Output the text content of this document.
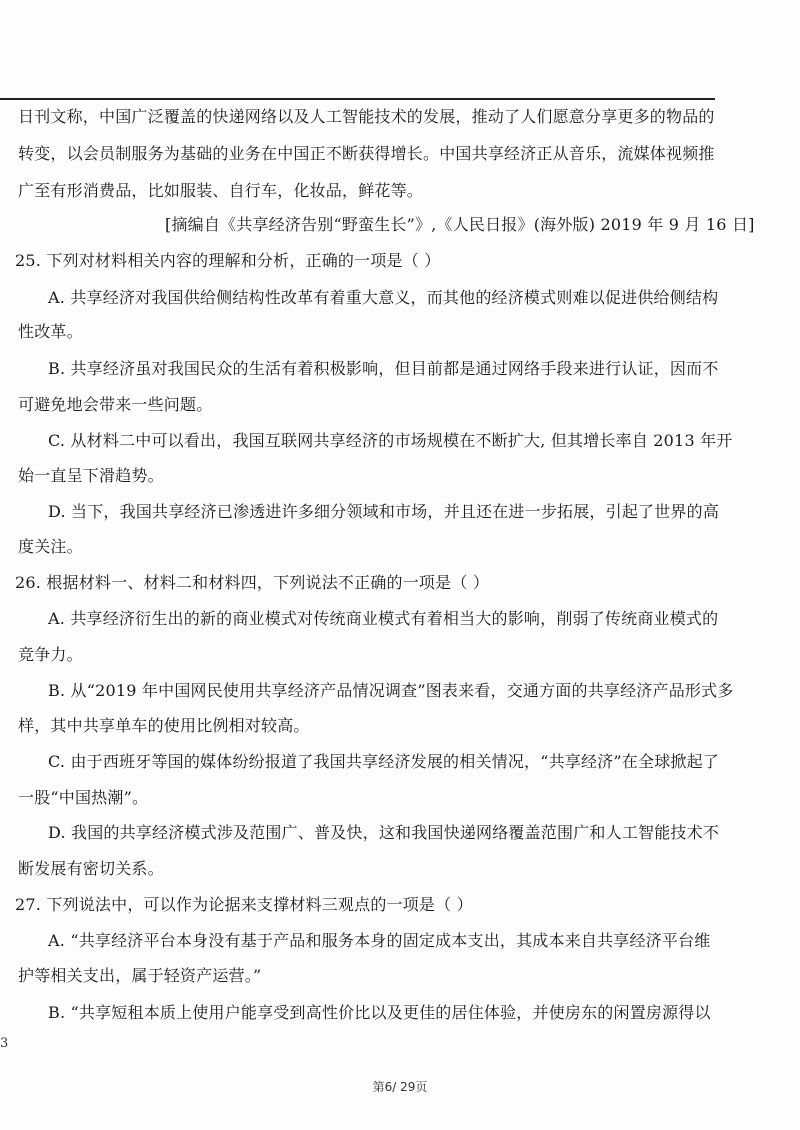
日刊文称，中国广泛覆盖的快递网络以及人工智能技术的发展，推动了人们愿意分享更多的物品的
转变，以会员制服务为基础的业务在中国正不断获得增长。中国共享经济正从音乐，流媒体视频推
广至有形消费品，比如服装、自行车，化妆品，鲜花等。
[摘编自《共享经济告别“野蛮生长”》,《人民日报》(海外版) 2019 年 9 月 16 日]
25. 下列对材料相关内容的理解和分析，正确的一项是（ ）
A. 共享经济对我国供给侧结构性改革有着重大意义，而其他的经济模式则难以促进供给侧结构
性改革。
B. 共享经济虽对我国民众的生活有着积极影响，但目前都是通过网络手段来进行认证，因而不
可避免地会带来一些问题。
C. 从材料二中可以看出，我国互联网共享经济的市场规模在不断扩大, 但其增长率自 2013 年开
始一直呈下滑趋势。
D. 当下，我国共享经济已渗透进许多细分领域和市场，并且还在进一步拓展，引起了世界的高
度关注。
26. 根据材料一、材料二和材料四，下列说法不正确的一项是（ ）
A. 共享经济衍生出的新的商业模式对传统商业模式有着相当大的影响，削弱了传统商业模式的
竞争力。
B. 从“2019 年中国网民使用共享经济产品情况调查”图表来看，交通方面的共享经济产品形式多
样，其中共享单车的使用比例相对较高。
C. 由于西班牙等国的媒体纷纷报道了我国共享经济发展的相关情况，“共享经济”在全球掀起了
一股“中国热潮”。
D. 我国的共享经济模式涉及范围广、普及快，这和我国快递网络覆盖范围广和人工智能技术不
断发展有密切关系。
27. 下列说法中，可以作为论据来支撑材料三观点的一项是（ ）
A. “共享经济平台本身没有基于产品和服务本身的固定成本支出，其成本来自共享经济平台维
护等相关支出，属于轻资产运营。”
B. “共享短租本质上使用户能享受到高性价比以及更佳的居住体验，并使房东的闲置房源得以
3
第6/ 29页
